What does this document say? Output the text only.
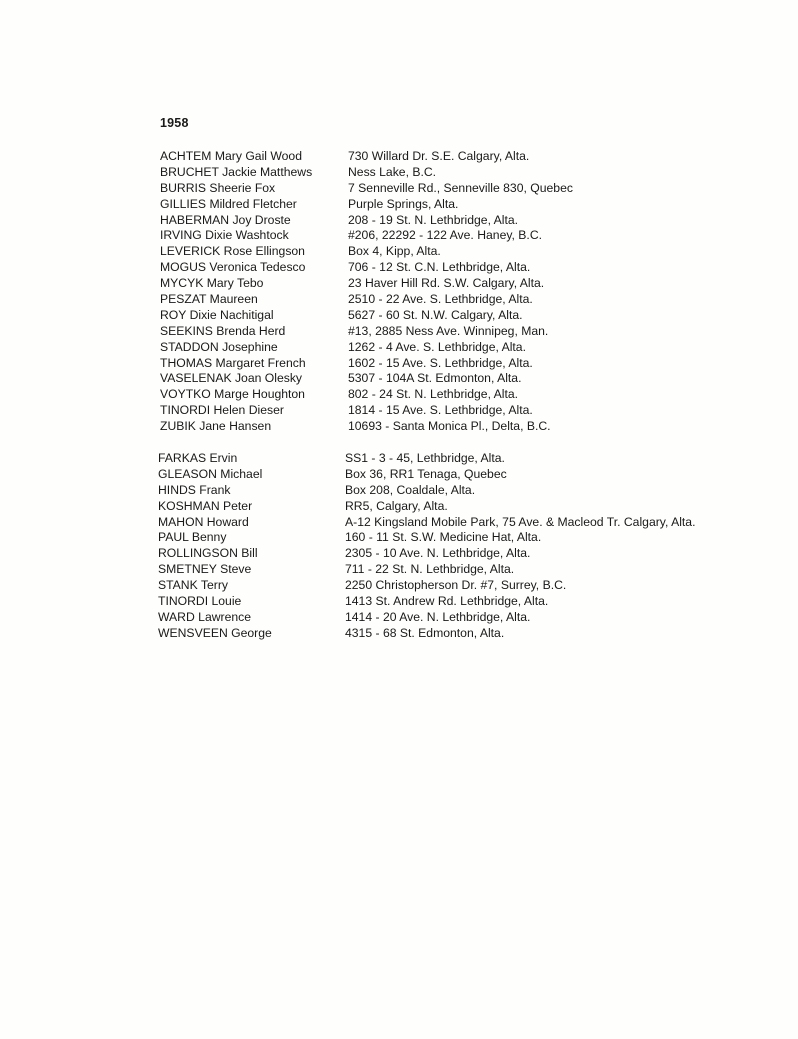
1958
ACHTEM Mary Gail Wood	730 Willard Dr. S.E. Calgary, Alta.
BRUCHET Jackie Matthews	Ness Lake, B.C.
BURRIS Sheerie Fox	7 Senneville Rd., Senneville 830, Quebec
GILLIES Mildred Fletcher	Purple Springs, Alta.
HABERMAN Joy Droste	208 - 19 St. N. Lethbridge, Alta.
IRVING Dixie Washtock	#206, 22292 - 122 Ave. Haney, B.C.
LEVERICK Rose Ellingson	Box 4, Kipp, Alta.
MOGUS Veronica Tedesco	706 - 12 St. C.N. Lethbridge, Alta.
MYCYK Mary Tebo	23 Haver Hill Rd. S.W. Calgary, Alta.
PESZAT Maureen	2510 - 22 Ave. S. Lethbridge, Alta.
ROY Dixie Nachitigal	5627 - 60 St. N.W. Calgary, Alta.
SEEKINS Brenda Herd	#13, 2885 Ness Ave. Winnipeg, Man.
STADDON Josephine	1262 - 4 Ave. S. Lethbridge, Alta.
THOMAS Margaret French	1602 - 15 Ave. S. Lethbridge, Alta.
VASELENAK Joan Olesky	5307 - 104A St. Edmonton, Alta.
VOYTKO Marge Houghton	802 - 24 St. N. Lethbridge, Alta.
TINORDI Helen Dieser	1814 - 15 Ave. S. Lethbridge, Alta.
ZUBIK Jane Hansen	10693 - Santa Monica Pl., Delta, B.C.
FARKAS Ervin	SS1 - 3 - 45, Lethbridge, Alta.
GLEASON Michael	Box 36, RR1 Tenaga, Quebec
HINDS Frank	Box 208, Coaldale, Alta.
KOSHMAN Peter	RR5, Calgary, Alta.
MAHON Howard	A-12 Kingsland Mobile Park, 75 Ave. & Macleod Tr. Calgary, Alta.
PAUL Benny	160 - 11 St. S.W. Medicine Hat, Alta.
ROLLINGSON Bill	2305 - 10 Ave. N. Lethbridge, Alta.
SMETNEY Steve	711 - 22 St. N. Lethbridge, Alta.
STANK Terry	2250 Christopherson Dr. #7, Surrey, B.C.
TINORDI Louie	1413 St. Andrew Rd. Lethbridge, Alta.
WARD Lawrence	1414 - 20 Ave. N. Lethbridge, Alta.
WENSVEEN George	4315 - 68 St. Edmonton, Alta.
